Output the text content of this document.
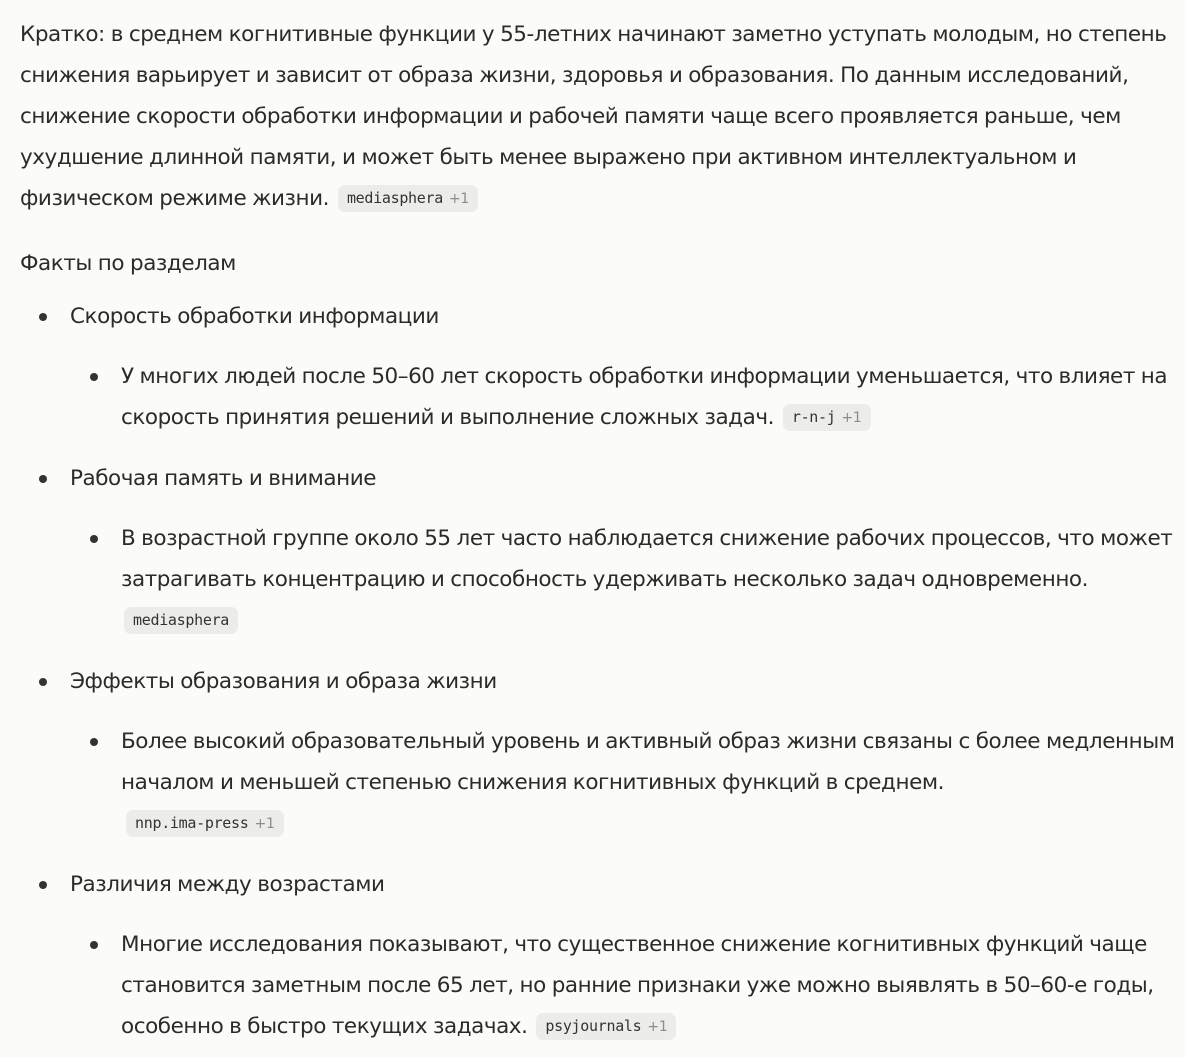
Кратко: в среднем когнитивные функции у 55-летних начинают заметно уступать молодым, но степень снижения варьирует и зависит от образа жизни, здоровья и образования. По данным исследований, снижение скорости обработки информации и рабочей памяти чаще всего проявляется раньше, чем ухудшение длинной памяти, и может быть менее выражено при активном интеллектуальном и физическом режиме жизни. mediasphera +1

Факты по разделам

Скорость обработки информации
У многих людей после 50–60 лет скорость обработки информации уменьшается, что влияет на скорость принятия решений и выполнение сложных задач. r-n-j +1
Рабочая память и внимание
В возрастной группе около 55 лет часто наблюдается снижение рабочих процессов, что может затрагивать концентрацию и способность удерживать несколько задач одновременно. mediasphera
Эффекты образования и образа жизни
Более высокий образовательный уровень и активный образ жизни связаны с более медленным началом и меньшей степенью снижения когнитивных функций в среднем.
nnp.ima-press +1
Различия между возрастами
Многие исследования показывают, что существенное снижение когнитивных функций чаще становится заметным после 65 лет, но ранние признаки уже можно выявлять в 50–60-е годы, особенно в быстро текущих задачах. psyjournals +1
